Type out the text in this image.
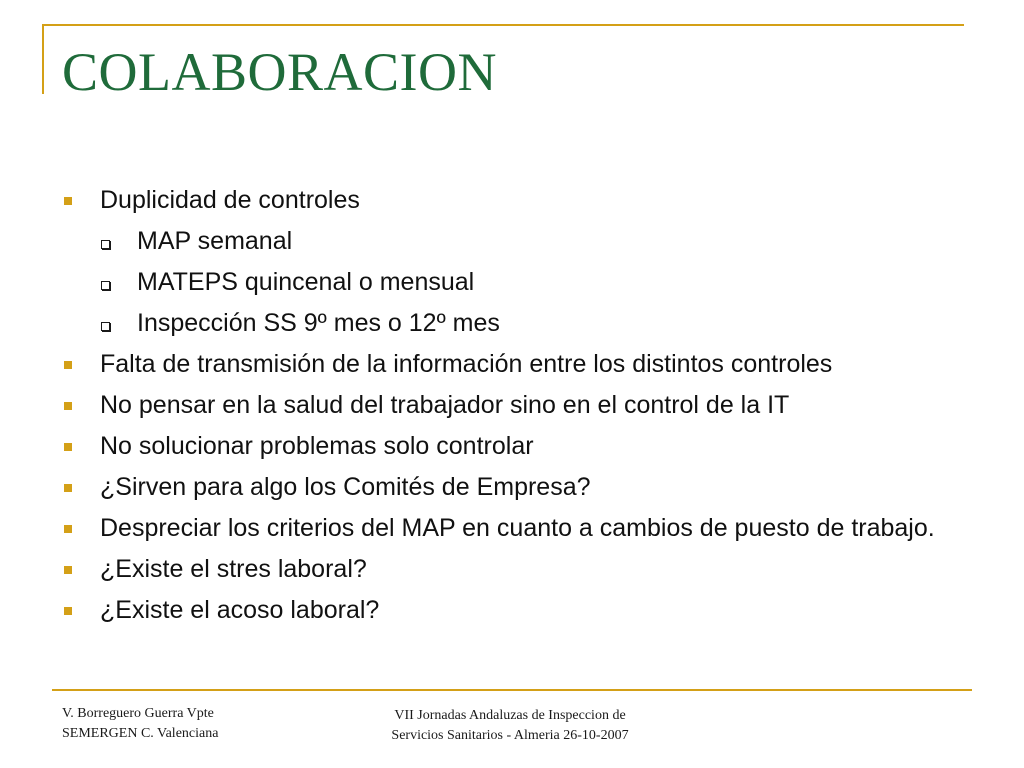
COLABORACION
Duplicidad de controles
MAP semanal
MATEPS quincenal o mensual
Inspección SS 9º mes o 12º mes
Falta de transmisión de la información entre los distintos controles
No pensar en la salud del trabajador sino en el control de la IT
No solucionar problemas solo controlar
¿Sirven para algo los Comités de Empresa?
Despreciar los criterios del MAP en cuanto a cambios de puesto de trabajo.
¿Existe el stres laboral?
¿Existe el acoso laboral?
V. Borreguero Guerra Vpte
SEMERGEN C. Valenciana
VII Jornadas Andaluzas de Inspeccion de
Servicios Sanitarios - Almeria 26-10-2007
